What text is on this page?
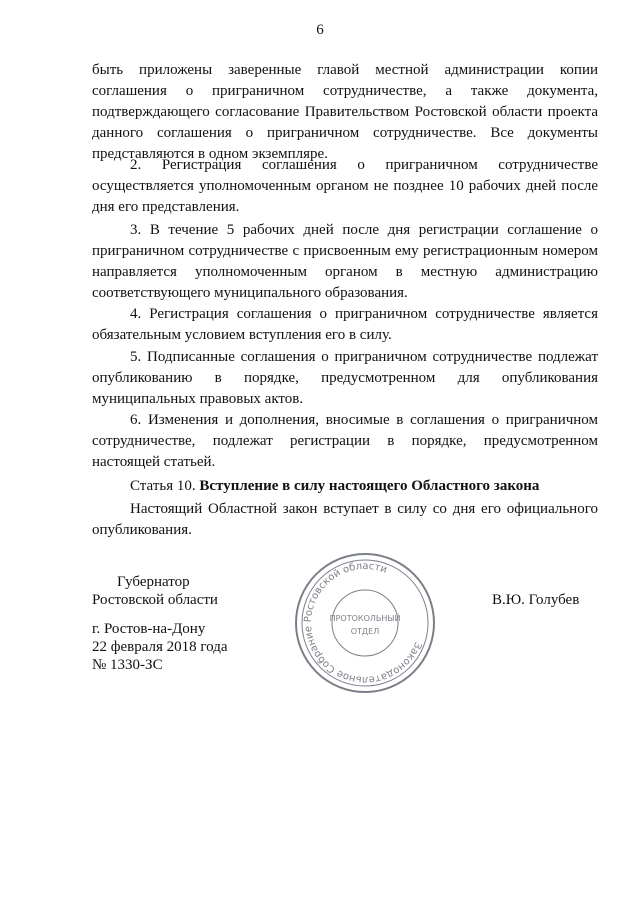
6

быть приложены заверенные главой местной администрации копии соглашения о приграничном сотрудничестве, а также документа, подтверждающего согласование Правительством Ростовской области проекта данного соглашения о приграничном сотрудничестве. Все документы представляются в одном экземпляре.

2. Регистрация соглашения о приграничном сотрудничестве осуществляется уполномоченным органом не позднее 10 рабочих дней после дня его представления.

3. В течение 5 рабочих дней после дня регистрации соглашение о приграничном сотрудничестве с присвоенным ему регистрационным номером направляется уполномоченным органом в местную администрацию соответствующего муниципального образования.

4. Регистрация соглашения о приграничном сотрудничестве является обязательным условием вступления его в силу.

5. Подписанные соглашения о приграничном сотрудничестве подлежат опубликованию в порядке, предусмотренном для опубликования муниципальных правовых актов.

6. Изменения и дополнения, вносимые в соглашения о приграничном сотрудничестве, подлежат регистрации в порядке, предусмотренном настоящей статьей.

Статья 10. Вступление в силу настоящего Областного закона

Настоящий Областной закон вступает в силу со дня его официального опубликования.

Губернатор
Ростовской области	В.Ю. Голубев
г. Ростов-на-Дону
22 февраля 2018 года
№ 1330-ЗС
Законодательное Собрание Ростовской области
ПРОТОКОЛЬНЫЙ
ОТДЕЛ
